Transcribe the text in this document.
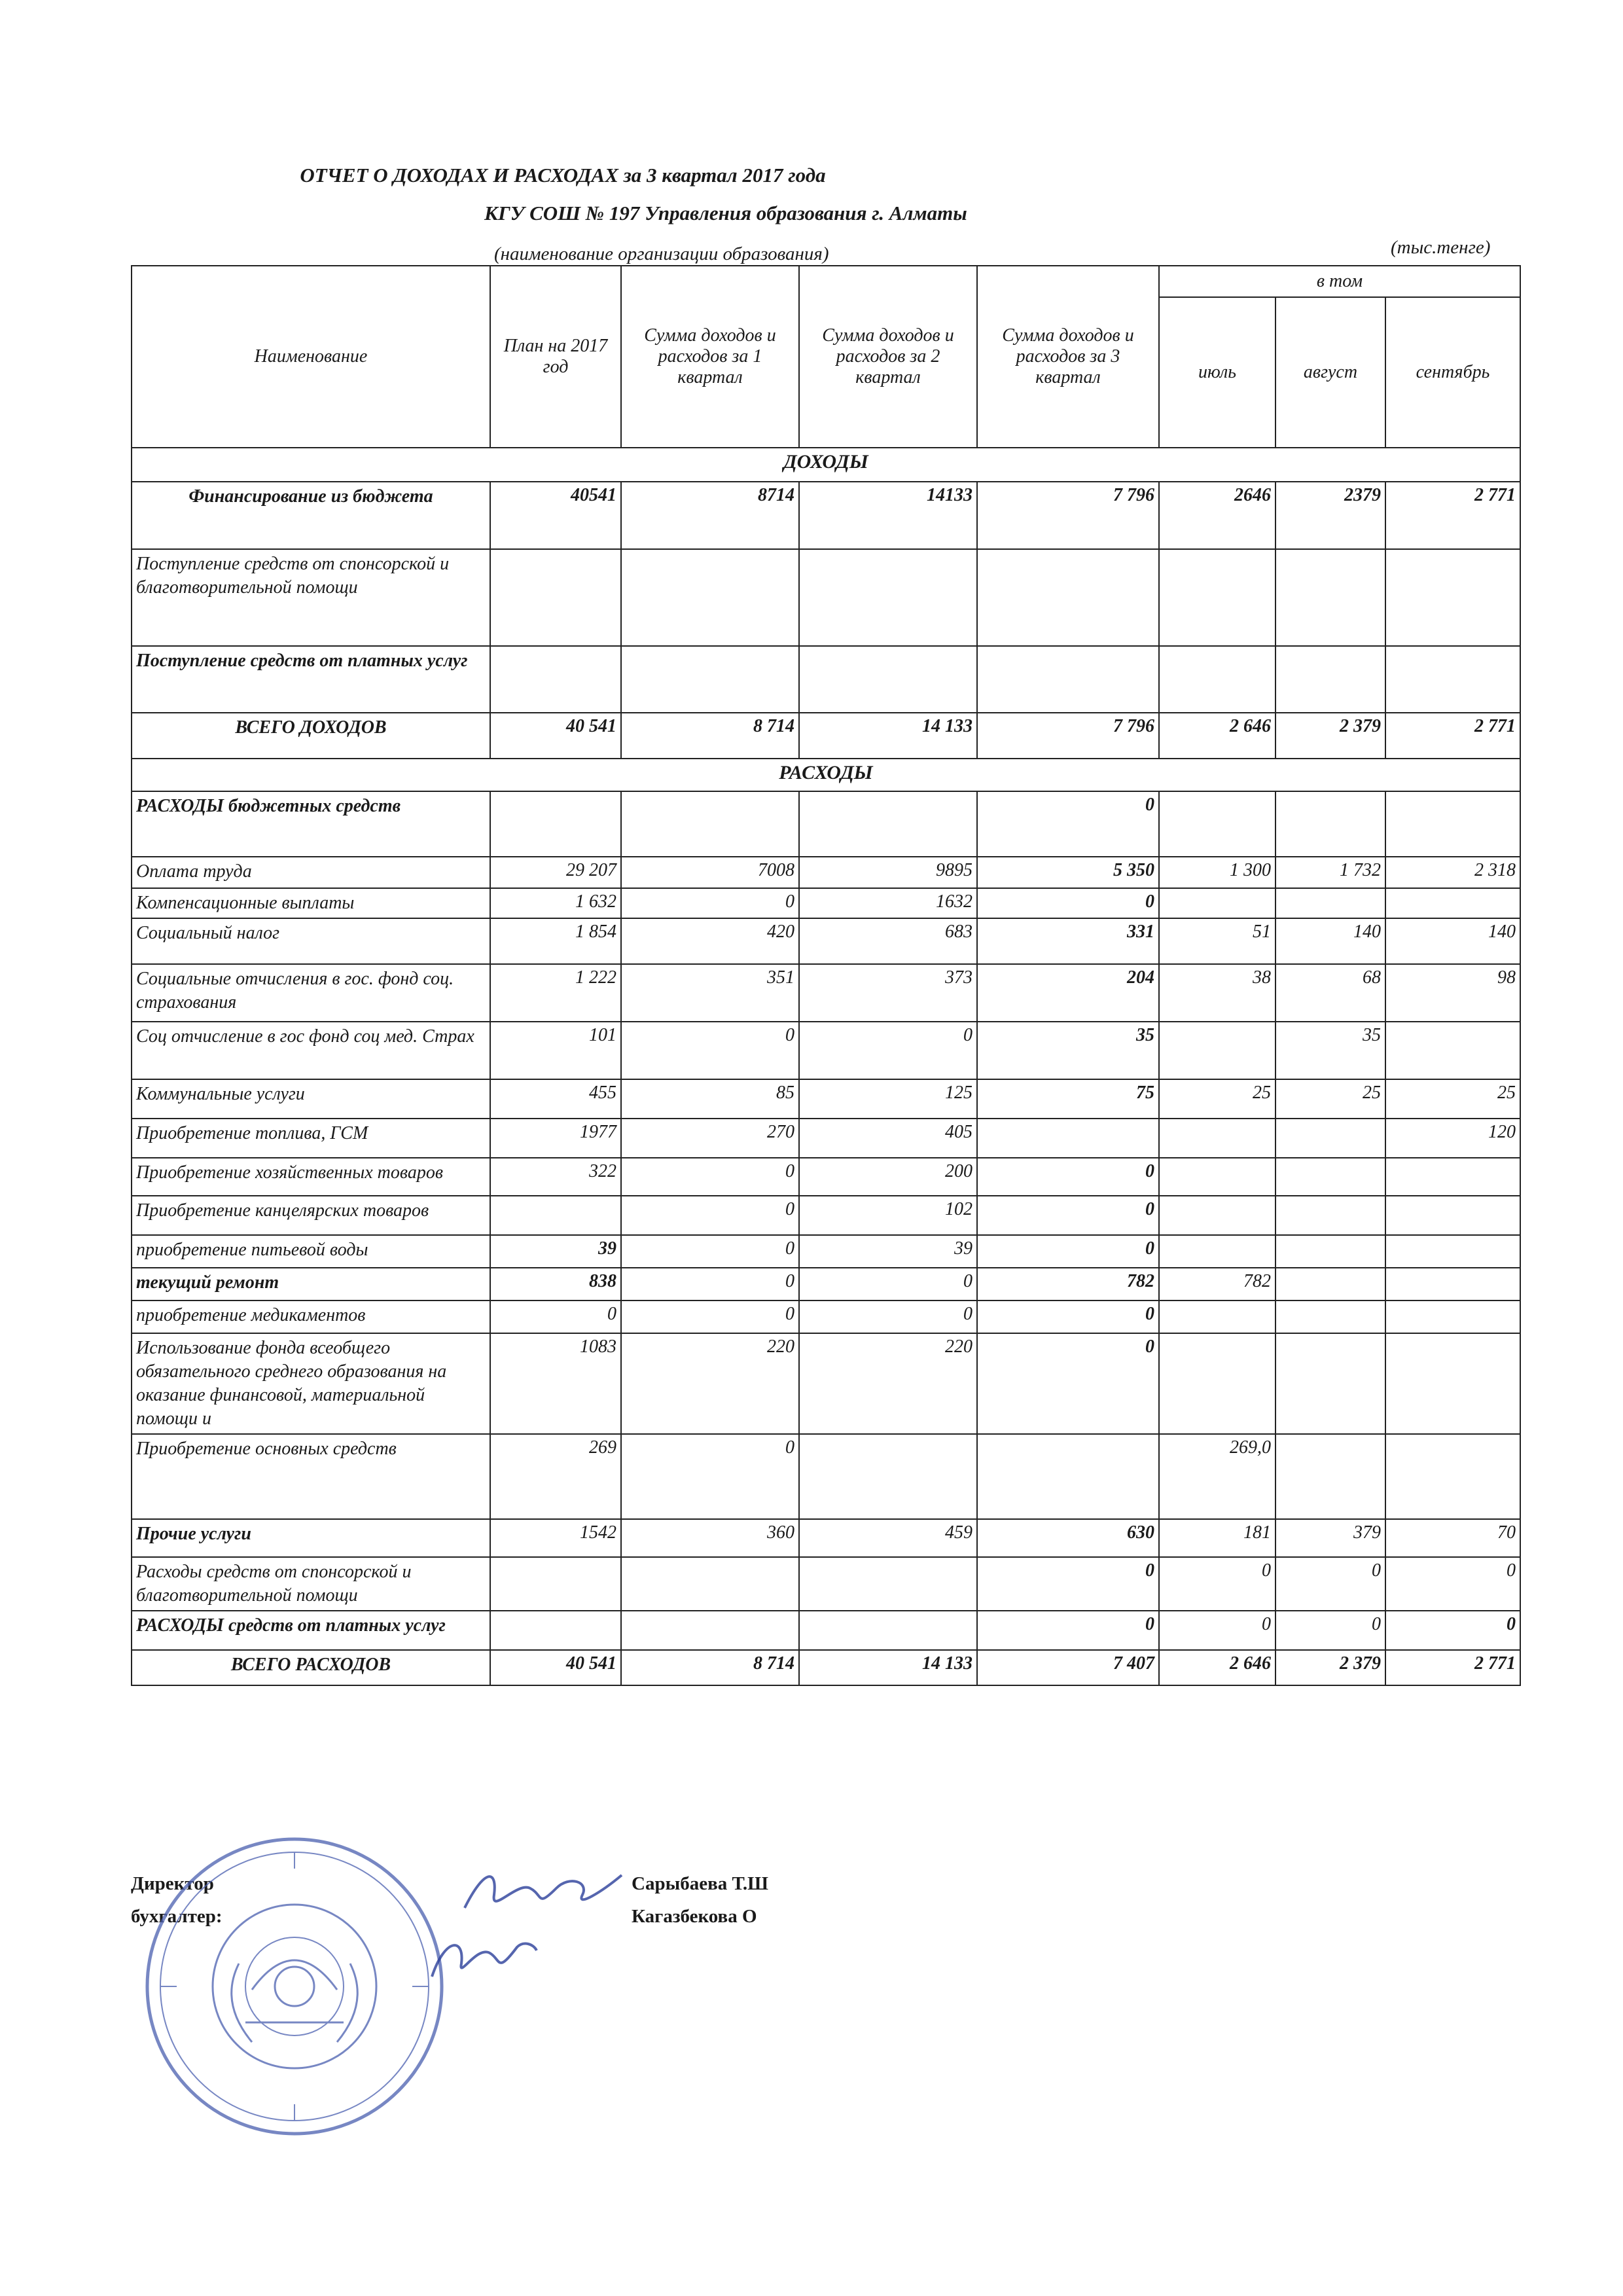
ОТЧЕТ О ДОХОДАХ И РАСХОДАХ за 3 квартал 2017 года
КГУ СОШ № 197 Управления образования г. Алматы
(наименование организации образования)	(тыс.тенге)
Наименование	План на 2017 год	Сумма доходов и расходов за 1 квартал	Сумма доходов и расходов за 2 квартал	Сумма доходов и расходов за 3 квартал	в том		
					июль	август	сентябрь
ДОХОДЫ							
Финансирование из бюджета	40541	8714	14133	7 796	2646	2379	2 771
Поступление средств от спонсорской и благотворительной помощи							
Поступление средств от платных услуг							
ВСЕГО ДОХОДОВ	40 541	8 714	14 133	7 796	2 646	2 379	2 771
РАСХОДЫ							
РАСХОДЫ бюджетных средств				0			
Оплата труда	29 207	7008	9895	5 350	1 300	1 732	2 318
Компенсационные выплаты	1 632	0	1632	0			
Социальный налог	1 854	420	683	331	51	140	140
Социальные отчисления в гос. фонд соц. страхования	1 222	351	373	204	38	68	98
Соц отчисление в гос фонд соц мед. Страх	101	0	0	35		35	
Коммунальные услуги	455	85	125	75	25	25	25
Приобретение топлива, ГСМ	1977	270	405				120
Приобретение хозяйственных товаров	322	0	200	0			
Приобретение канцелярских товаров		0	102	0			
приобретение питьевой воды	39	0	39	0			
текущий ремонт	838	0	0	782	782		
приобретение медикаментов	0	0	0	0			
Использование фонда всеобщего обязательного среднего образования на оказание финансовой, материальной помощи и	1083	220	220	0			
Приобретение основных средств	269	0			269,0		
Прочие услуги	1542	360	459	630	181	379	70
Расходы средств от спонсорской и благотворительной помощи				0	0	0	0
РАСХОДЫ средств от платных услуг				0	0	0	0
ВСЕГО РАСХОДОВ	40 541	8 714	14 133	7 407	2 646	2 379	2 771
Директор	Сарыбаева Т.Ш
бухгалтер:	Кагазбекова О
